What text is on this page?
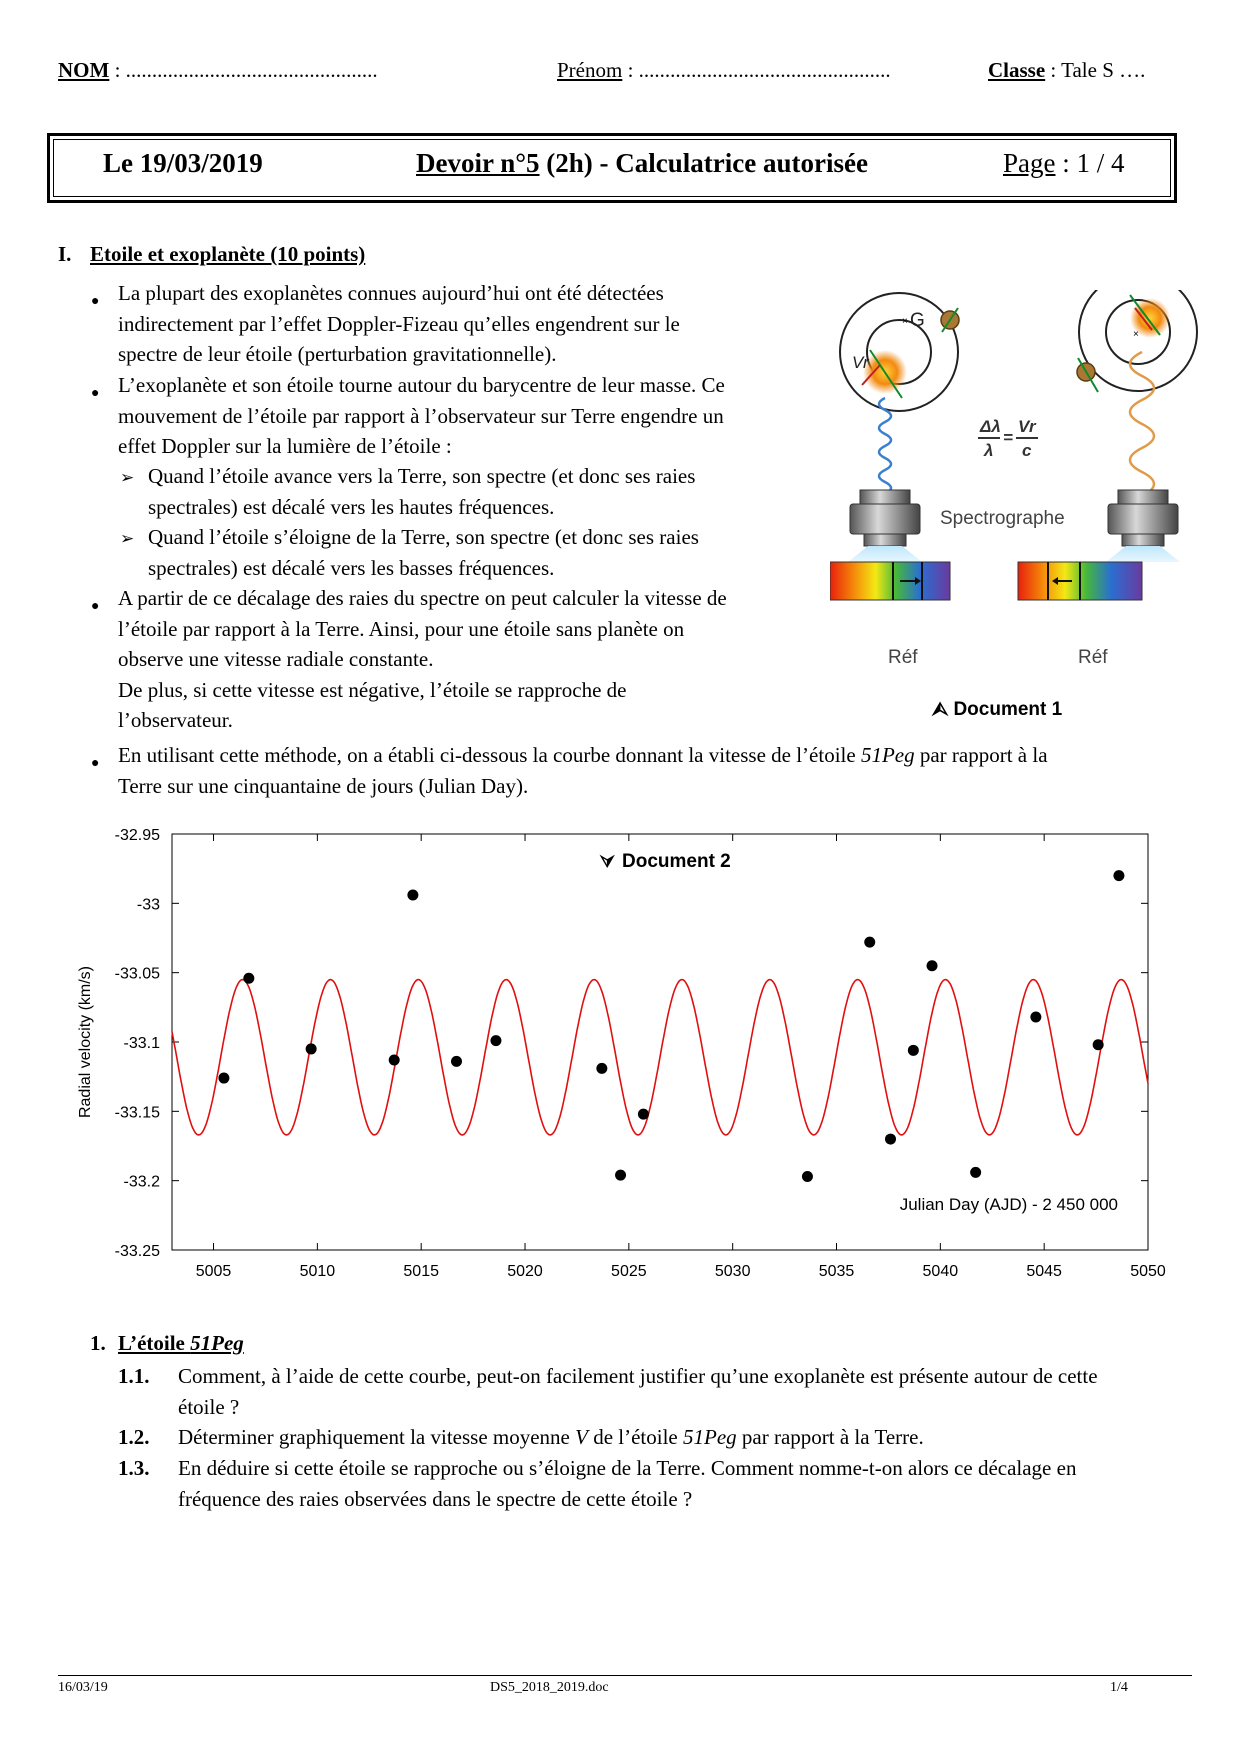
NOM : ................................................	Prénom : ................................................	Classe : Tale S ….
Le 19/03/2019	Devoir n°5 (2h) - Calculatrice autorisée	Page : 1 / 4
I. Etoile et exoplanète (10 points)
● La plupart des exoplanètes connues aujourd’hui ont été détectées
indirectement par l’effet Doppler-Fizeau qu’elles engendrent sur le
spectre de leur étoile (perturbation gravitationnelle).
● L’exoplanète et son étoile tourne autour du barycentre de leur masse. Ce
mouvement de l’étoile par rapport à l’observateur sur Terre engendre un
effet Doppler sur la lumière de l’étoile :
➢ Quand l’étoile avance vers la Terre, son spectre (et donc ses raies
spectrales) est décalé vers les hautes fréquences.
➢ Quand l’étoile s’éloigne de la Terre, son spectre (et donc ses raies
spectrales) est décalé vers les basses fréquences.
● A partir de ce décalage des raies du spectre on peut calculer la vitesse de
l’étoile par rapport à la Terre. Ainsi, pour une étoile sans planète on
observe une vitesse radiale constante.
De plus, si cette vitesse est négative, l’étoile se rapproche de
l’observateur.
● En utilisant cette méthode, on a établi ci-dessous la courbe donnant la vitesse de l’étoile 51Peg par rapport à la
Terre sur une cinquantaine de jours (Julian Day).
× G
Vr
×
Δλ
λ
=
Vr
c
Spectrographe
Réf	Réf
⮙ Document 1
5005	5010	5015	5020	5025	5030	5035	5040	5045	5050
-32.95
-33
-33.05
-33.1
-33.15
-33.2
-33.25
Radial velocity (km/s)
Julian Day (AJD) - 2 450 000
⮛ Document 2
1. L’étoile 51Peg
1.1. Comment, à l’aide de cette courbe, peut-on facilement justifier qu’une exoplanète est présente autour de cette
étoile ?
1.2. Déterminer graphiquement la vitesse moyenne V de l’étoile 51Peg par rapport à la Terre.
1.3. En déduire si cette étoile se rapproche ou s’éloigne de la Terre. Comment nomme-t-on alors ce décalage en
fréquence des raies observées dans le spectre de cette étoile ?
16/03/19	DS5_2018_2019.doc	1/4
